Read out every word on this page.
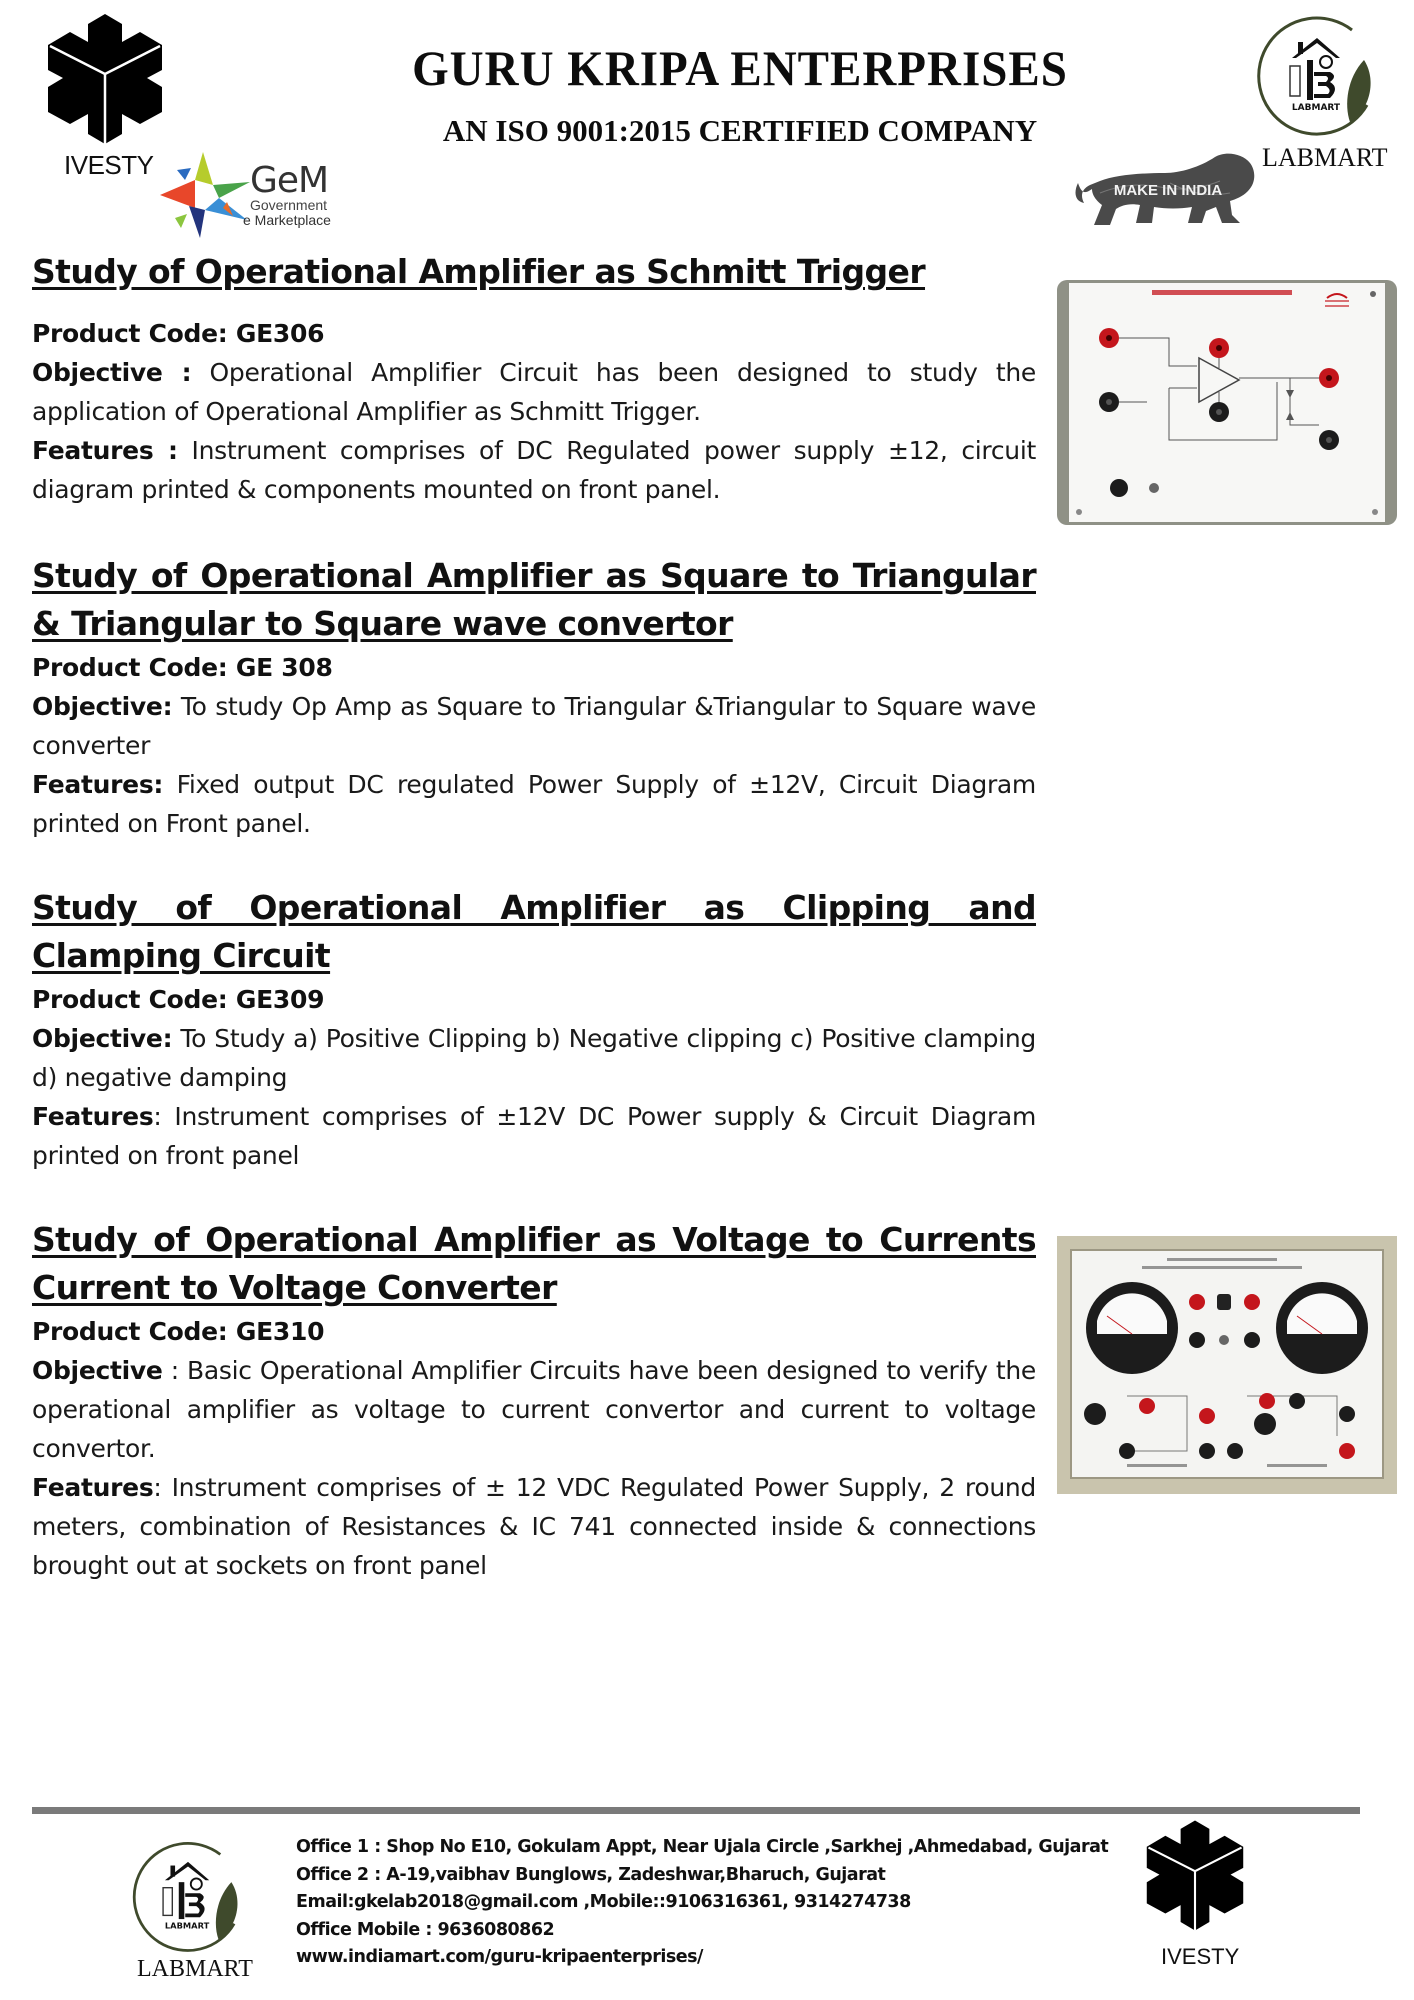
IVESTY	GeM
Government
e Marketplace
GURU KRIPA ENTERPRISES
AN ISO 9001:2015 CERTIFIED COMPANY
LABMART
LABMART
MAKE IN INDIA
Study of Operational Amplifier as Schmitt Trigger
Product Code: GE306
Objective : Operational Amplifier Circuit has been designed to study the application of Operational Amplifier as Schmitt Trigger.
Features : Instrument comprises of DC Regulated power supply ±12, circuit diagram printed & components mounted on front panel.
Study of Operational Amplifier as Square to Triangular & Triangular to Square wave convertor
Product Code: GE 308
Objective: To study Op Amp as Square to Triangular &Triangular to Square wave converter
Features: Fixed output DC regulated Power Supply of ±12V, Circuit Diagram printed on Front panel.
Study of Operational Amplifier as Clipping and Clamping Circuit
Product Code: GE309
Objective: To Study a) Positive Clipping b) Negative clipping c) Positive clamping d) negative damping
Features: Instrument comprises of ±12V DC Power supply & Circuit Diagram printed on front panel
Study of Operational Amplifier as Voltage to Currents Current to Voltage Converter
Product Code: GE310
Objective : Basic Operational Amplifier Circuits have been designed to verify the operational amplifier as voltage to current convertor and current to voltage convertor.
Features: Instrument comprises of ± 12 VDC Regulated Power Supply, 2 round meters, combination of Resistances & IC 741 connected inside & connections brought out at sockets on front panel
LABMART
LABMART
Office 1 : Shop No E10, Gokulam Appt, Near Ujala Circle ,Sarkhej ,Ahmedabad, Gujarat
Office 2 : A-19,vaibhav Bunglows, Zadeshwar,Bharuch, Gujarat
Email:gkelab2018@gmail.com ,Mobile::9106316361, 9314274738
Office Mobile : 9636080862
www.indiamart.com/guru-kripaenterprises/	IVESTY
